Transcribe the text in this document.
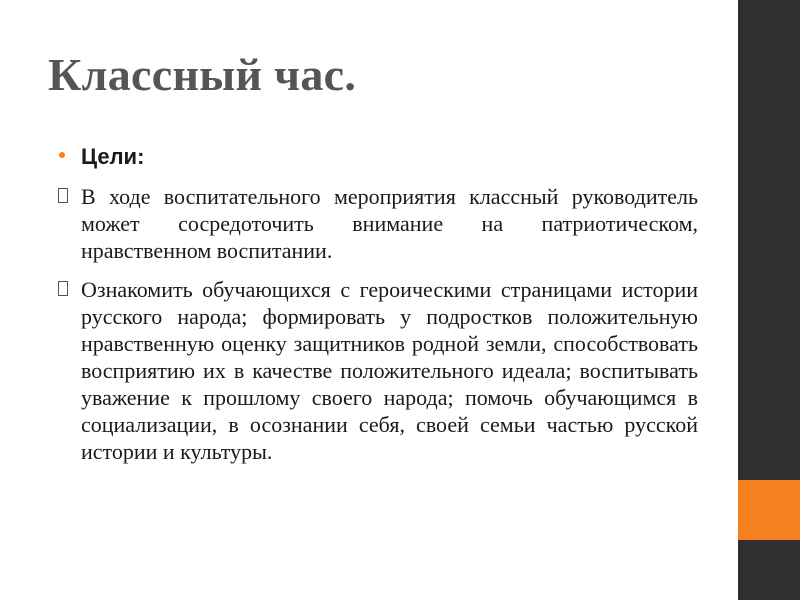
Классный час.
Цели:
В ходе воспитательного мероприятия классный руководитель может сосредоточить внимание на патриотическом, нравственном воспитании.
Ознакомить обучающихся с героическими страницами истории русского народа; формировать у подростков положительную нравственную оценку защитников родной земли, способствовать восприятию их в качестве положительного идеала; воспитывать уважение к прошлому своего народа; помочь обучающимся в социализации, в осознании себя, своей семьи частью русской истории и культуры.
